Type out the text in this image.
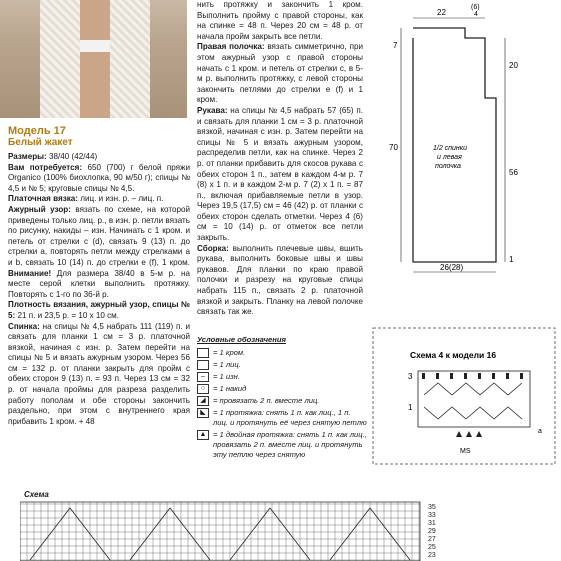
Модель 17
Белый жакет

Размеры: 38/40 (42/44)

Вам потребуется: 650 (700) г белой пряжи Organico (100% биохлопка, 90 м/50 г); спицы № 4,5 и № 5; круговые спицы № 4,5.

Платочная вязка: лиц. и изн. р. – лиц. п.

Ажурный узор: вязать по схеме, на которой приведены только лиц. р., в изн. р. петли вязать по рисунку, накиды – изн. Начинать с 1 кром. и петель от стрелки с (d), связать 9 (13) п. до стрелки a, повторять петли между стрелками a и b, связать 10 (14) п. до стрелки e (f), 1 кром. Внимание! Для размера 38/40 в 5-м р. на месте серой клетки выполнить протяжку. Повторять с 1-го по 36-й р.

Плотность вязания, ажурный узор, спицы № 5: 21 п. и 23,5 р. = 10 х 10 см.

Спинка: на спицы № 4,5 набрать 111 (119) п. и связать для планки 1 см = 3 р. платочной вязкой, начиная с изн. р. Затем перейти на спицы № 5 и вязать ажурным узором. Через 56 см = 132 р. от планки закрыть для пройм с обеих сторон 9 (13) п. = 93 п. Через 13 см = 32 р. от начала проймы для разреза разделить работу пополам и обе стороны закончить раздельно, при этом с внутреннего края прибавить 1 кром. + 48

нить протяжку и закончить 1 кром. Выполнить пройму с правой стороны, как на спинке = 48 п. Через 20 см = 48 р. от начала пройм закрыть все петли.

Правая полочка: вязать симметрично, при этом ажурный узор с правой стороны начать с 1 кром. и петель от стрелки c, в 5-м р. выполнить протяжку, с левой стороны закончить петлями до стрелки e (f) и 1 кром.

Рукава: на спицы № 4,5 набрать 57 (65) п. и связать для планки 1 см = 3 р. платочной вязкой, начиная с изн. р. Затем перейти на спицы № 5 и вязать ажурным узором, распределив петли, как на спинке. Через 2 р. от планки прибавить для скосов рукава с обеих сторон 1 п., затем в каждом 4-м р. 7 (8) х 1 п. и в каждом 2-м р. 7 (2) х 1 п. = 87 п., включая прибавляемые петли в узор. Через 19,5 (17,5) см = 46 (42) р. от планки с обеих сторон сделать отметки. Через 4 (6) см = 10 (14) р. от отметок все петли закрыть.

Сборка: выполнить плечевые швы, вшить рукава, выполнить боковые швы и швы рукавов. Для планки по краю правой полочки и разрезу на круговые спицы набрать 115 п., связать 2 р. платочной вязкой и закрыть. Планку на левой полочке связать так же.

Условные обозначения
= 1 кром.
= 1 лиц.
–	= 1 изн.
○	= 1 накид
◢ = провязать 2 п. вместе лиц.
◣ = 1 протяжка: снять 1 п. как лиц., 1 п. лиц. и протянуть её через снятую петлю
▲ = 1 двойная протяжка: снять 1 п. как лиц., провязать 2 п. вместе лиц. и протянуть эту петлю через снятую
22
(6)
4
7
20
70
56
1
26(28)
1/2 спинки
и левая
полочка
Схема 4 к модели 16
3
1
MS
a
Схема
35
33
31
29
27
25
23
